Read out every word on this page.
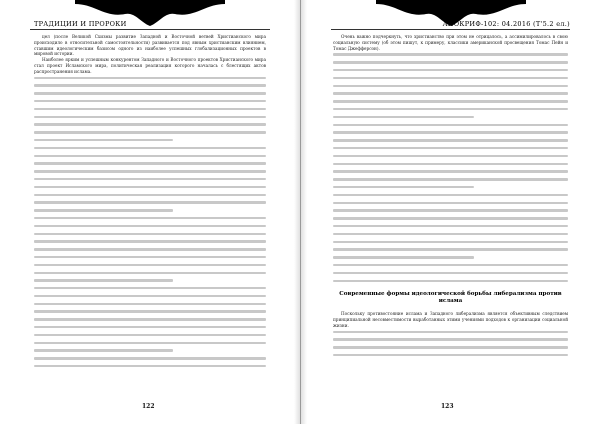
ТРАДИЦИИ И ПРОРОКИ

цел (после Великой Схизмы развитие Западной и Восточной ветвей Христианского мира происходило в относительной самостоятельности) развивается под явным христианским влиянием, ставшим идеологическим базисом одного из наиболее успешных глобализационных проектов в мировой истории.

Наиболее ярким и успешным конкурентом Западного и Восточного проектов Христианского мира стал проект Исламского мира, политическая реализация которого началась с блестящих актов распространения ислама.

122
АПОКРИФ-102: 04.2016 (Т'5.2 ел.)

Очень важно подчеркнуть, что христианство при этом не отрицалось, а ассимилировалось в свою социальную систему (об этом пишут, к примеру, классики американской просвещения Томас Пейн и Томас Джефферсон).

Современные формы идеологической борьбы либерализма против ислама

Поскольку противостояние ислама и Западного либерализма является объективным следствием принципиальной несовместимости выработанных этими учениями подходов к организации социальной жизни.

123
